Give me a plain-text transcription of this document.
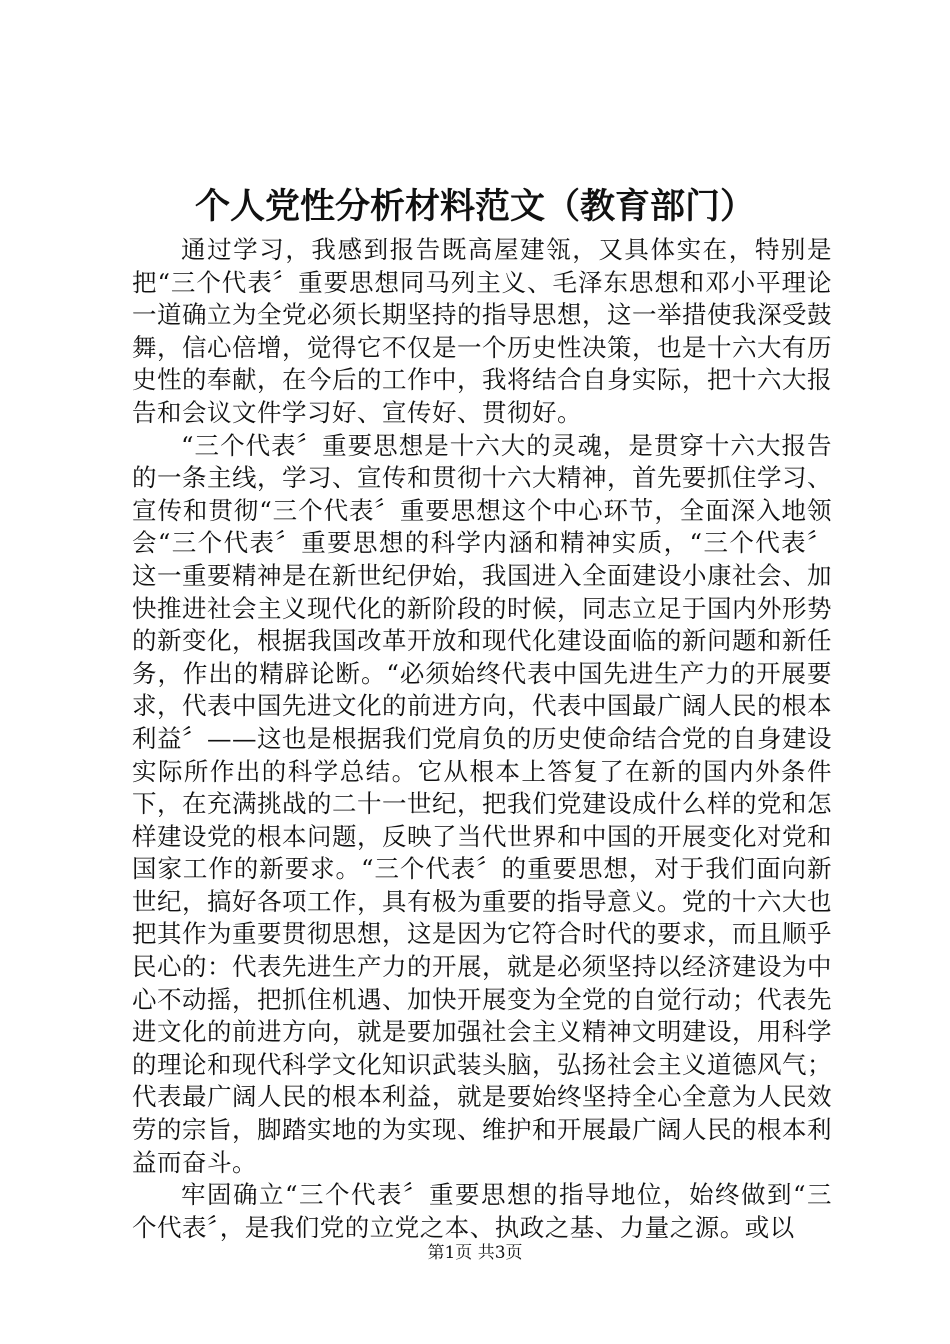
个人党性分析材料范文（教育部门）

通过学习，我感到报告既高屋建瓴，又具体实在，特别是把“三个代表〞重要思想同马列主义、毛泽东思想和邓小平理论一道确立为全党必须长期坚持的指导思想，这一举措使我深受鼓舞，信心倍增，觉得它不仅是一个历史性决策，也是十六大有历史性的奉献，在今后的工作中，我将结合自身实际，把十六大报告和会议文件学习好、宣传好、贯彻好。

“三个代表〞重要思想是十六大的灵魂，是贯穿十六大报告的一条主线，学习、宣传和贯彻十六大精神，首先要抓住学习、宣传和贯彻“三个代表〞重要思想这个中心环节，全面深入地领会“三个代表〞重要思想的科学内涵和精神实质，“三个代表〞这一重要精神是在新世纪伊始，我国进入全面建设小康社会、加快推进社会主义现代化的新阶段的时候，同志立足于国内外形势的新变化，根据我国改革开放和现代化建设面临的新问题和新任务，作出的精辟论断。“必须始终代表中国先进生产力的开展要求，代表中国先进文化的前进方向，代表中国最广阔人民的根本利益〞——这也是根据我们党肩负的历史使命结合党的自身建设实际所作出的科学总结。它从根本上答复了在新的国内外条件下，在充满挑战的二十一世纪，把我们党建设成什么样的党和怎样建设党的根本问题，反映了当代世界和中国的开展变化对党和国家工作的新要求。“三个代表〞的重要思想，对于我们面向新世纪，搞好各项工作，具有极为重要的指导意义。党的十六大也把其作为重要贯彻思想，这是因为它符合时代的要求，而且顺乎民心的：代表先进生产力的开展，就是必须坚持以经济建设为中心不动摇，把抓住机遇、加快开展变为全党的自觉行动；代表先进文化的前进方向，就是要加强社会主义精神文明建设，用科学的理论和现代科学文化知识武装头脑，弘扬社会主义道德风气；代表最广阔人民的根本利益，就是要始终坚持全心全意为人民效劳的宗旨，脚踏实地的为实现、维护和开展最广阔人民的根本利益而奋斗。

牢固确立“三个代表〞重要思想的指导地位，始终做到“三个代表〞，是我们党的立党之本、执政之基、力量之源。或以

第1页 共3页
